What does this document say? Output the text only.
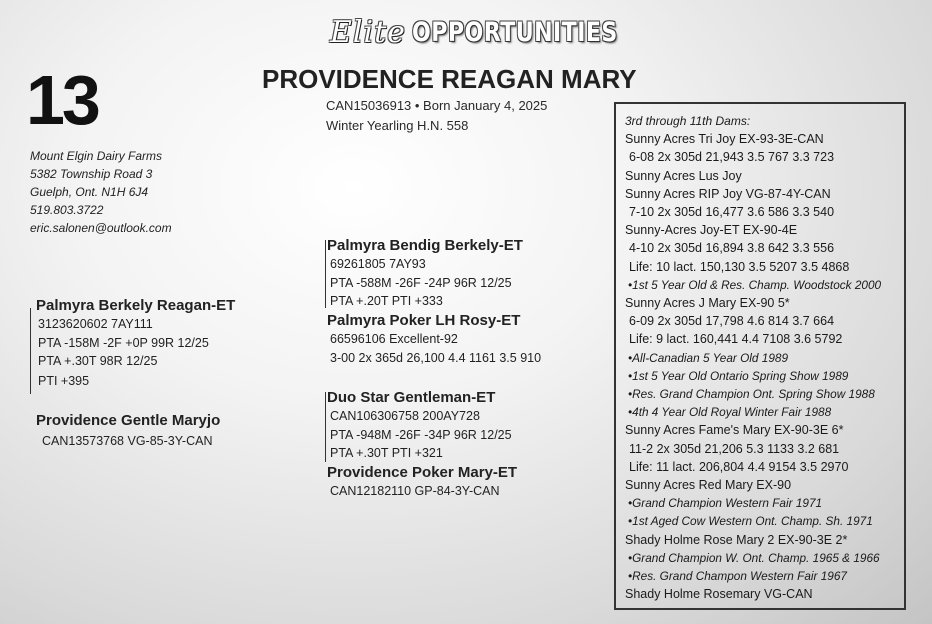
Elite OPPORTUNITIES
13	PROVIDENCE REAGAN MARY
CAN15036913 • Born January 4, 2025
Winter Yearling H.N. 558
Mount Elgin Dairy Farms
5382 Township Road 3
Guelph, Ont. N1H 6J4
519.803.3722
eric.salonen@outlook.com
Palmyra Berkely Reagan-ET
3123620602 7AY111
PTA -158M -2F +0P 99R 12/25
PTA +.30T 98R 12/25
PTI +395
Providence Gentle Maryjo
CAN13573768 VG-85-3Y-CAN
Palmyra Bendig Berkely-ET
69261805 7AY93
PTA -588M -26F -24P 96R 12/25
PTA +.20T PTI +333
Palmyra Poker LH Rosy-ET
66596106 Excellent-92
3-00 2x 365d 26,100 4.4 1161 3.5 910
Duo Star Gentleman-ET
CAN106306758 200AY728
PTA -948M -26F -34P 96R 12/25
PTA +.30T PTI +321
Providence Poker Mary-ET
CAN12182110 GP-84-3Y-CAN
3rd through 11th Dams:
Sunny Acres Tri Joy EX-93-3E-CAN
6-08 2x 305d 21,943 3.5 767 3.3 723
Sunny Acres Lus Joy
Sunny Acres RIP Joy VG-87-4Y-CAN
7-10 2x 305d 16,477 3.6 586 3.3 540
Sunny-Acres Joy-ET EX-90-4E
4-10 2x 305d 16,894 3.8 642 3.3 556
Life: 10 lact. 150,130 3.5 5207 3.5 4868
•1st 5 Year Old & Res. Champ. Woodstock 2000
Sunny Acres J Mary EX-90 5*
6-09 2x 305d 17,798 4.6 814 3.7 664
Life: 9 lact. 160,441 4.4 7108 3.6 5792
•All-Canadian 5 Year Old 1989
•1st 5 Year Old Ontario Spring Show 1989
•Res. Grand Champion Ont. Spring Show 1988
•4th 4 Year Old Royal Winter Fair 1988
Sunny Acres Fame's Mary EX-90-3E 6*
11-2 2x 305d 21,206 5.3 1133 3.2 681
Life: 11 lact. 206,804 4.4 9154 3.5 2970
Sunny Acres Red Mary EX-90
•Grand Champion Western Fair 1971
•1st Aged Cow Western Ont. Champ. Sh. 1971
Shady Holme Rose Mary 2 EX-90-3E 2*
•Grand Champion W. Ont. Champ. 1965 & 1966
•Res. Grand Champon Western Fair 1967
Shady Holme Rosemary VG-CAN
